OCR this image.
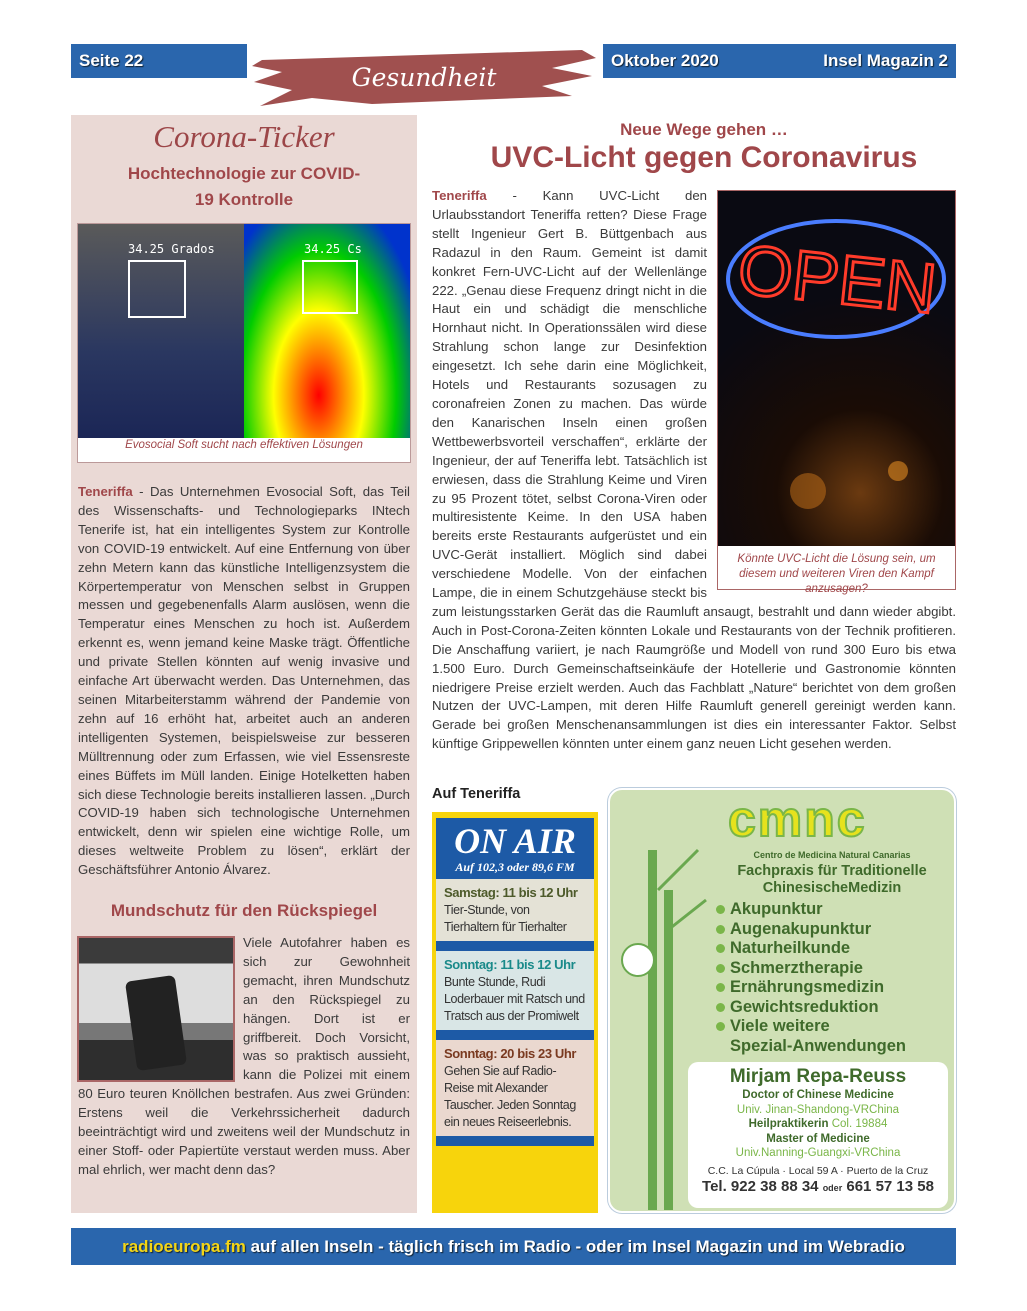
Seite 22
Gesundheit
Oktober 2020	Insel Magazin 2
Corona-Ticker
Hochtechnologie zur COVID-19 Kontrolle
34.25 Grados	34.25 Cs
Evosocial Soft sucht nach effektiven Lösungen

Teneriffa - Das Unternehmen Evosocial Soft, das Teil des Wissenschafts- und Technologieparks INtech Tenerife ist, hat ein intelligentes System zur Kontrolle von COVID-19 entwickelt. Auf eine Entfernung von über zehn Metern kann das künstliche Intelligenzsystem die Körpertemperatur von Menschen selbst in Gruppen messen und gegebenenfalls Alarm auslösen, wenn die Temperatur eines Menschen zu hoch ist. Außerdem erkennt es, wenn jemand keine Maske trägt. Öffentliche und private Stellen könnten auf wenig invasive und einfache Art überwacht werden. Das Unternehmen, das seinen Mitarbeiterstamm während der Pandemie von zehn auf 16 erhöht hat, arbeitet auch an anderen intelligenten Systemen, beispielsweise zur besseren Mülltrennung oder zum Erfassen, wie viel Essensreste eines Büffets im Müll landen. Einige Hotelketten haben sich diese Technologie bereits installieren lassen. „Durch COVID-19 haben sich technologische Unternehmen entwickelt, denn wir spielen eine wichtige Rolle, um dieses weltweite Problem zu lösen“, erklärt der Geschäftsführer Antonio Álvarez.

Mundschutz für den Rückspiegel

Viele Autofahrer haben es sich zur Gewohnheit gemacht, ihren Mundschutz an den Rückspiegel zu hängen. Dort ist er griffbereit. Doch Vorsicht, was so praktisch aussieht, kann die Polizei mit einem 80 Euro teuren Knöllchen bestrafen. Aus zwei Gründen: Erstens weil die Verkehrssicherheit dadurch beeinträchtigt wird und zweitens weil der Mundschutz in einer Stoff- oder Papiertüte verstaut werden muss. Aber mal ehrlich, wer macht denn das?

Neue Wege gehen …
UVC-Licht gegen Coronavirus
OPEN
Könnte UVC-Licht die Lösung sein, um diesem und weiteren Viren den Kampf anzusagen?

Teneriffa - Kann UVC-Licht den Urlaubsstandort Teneriffa retten? Diese Frage stellt Ingenieur Gert B. Büttgenbach aus Radazul in den Raum. Gemeint ist damit konkret Fern-UVC-Licht auf der Wellenlänge 222. „Genau diese Frequenz dringt nicht in die Haut ein und schädigt die menschliche Hornhaut nicht. In Operationssälen wird diese Strahlung schon lange zur Desinfektion eingesetzt. Ich sehe darin eine Möglichkeit, Hotels und Restaurants sozusagen zu coronafreien Zonen zu machen. Das würde den Kanarischen Inseln einen großen Wettbewerbsvorteil verschaffen“, erklärte der Ingenieur, der auf Teneriffa lebt. Tatsächlich ist erwiesen, dass die Strahlung Keime und Viren zu 95 Prozent tötet, selbst Corona-Viren oder multiresistente Keime. In den USA haben bereits erste Restaurants aufgerüstet und ein UVC-Gerät installiert. Möglich sind dabei verschiedene Modelle. Von der einfachen Lampe, die in einem Schutzgehäuse steckt bis zum leistungsstarken Gerät das die Raumluft ansaugt, bestrahlt und dann wieder abgibt. Auch in Post-Corona-Zeiten könnten Lokale und Restaurants von der Technik profitieren. Die Anschaffung variiert, je nach Raumgröße und Modell von rund 300 Euro bis etwa 1.500 Euro. Durch Gemeinschaftseinkäufe der Hotellerie und Gastronomie könnten niedrigere Preise erzielt werden. Auch das Fachblatt „Nature“ berichtet von dem großen Nutzen der UVC-Lampen, mit deren Hilfe Raumluft generell gereinigt werden kann. Gerade bei großen Menschenansammlungen ist dies ein interessanter Faktor. Selbst künftige Grippewellen könnten unter einem ganz neuen Licht gesehen werden.

Auf Teneriffa
ON AIR
Auf 102,3 oder 89,6 FM
Samstag: 11 bis 12 Uhr
Tier-Stunde, von Tierhaltern für Tierhalter
Sonntag: 11 bis 12 Uhr
Bunte Stunde, Rudi Loderbauer mit Ratsch und Tratsch aus der Promiwelt
Sonntag: 20 bis 23 Uhr
Gehen Sie auf Radio-Reise mit Alexander Tauscher. Jeden Sonntag ein neues Reiseerlebnis.
cmnc
Centro de Medicina Natural Canarias
Fachpraxis für Traditionelle
ChinesischeMedizin
Akupunktur
Augenakupunktur
Naturheilkunde
Schmerztherapie
Ernährungsmedizin
Gewichtsreduktion
Viele weitere
Spezial-Anwendungen
Mirjam Repa-Reuss
Doctor of Chinese Medicine
Univ. Jinan-Shandong-VRChina
Heilpraktikerin Col. 19884
Master of Medicine
Univ.Nanning-Guangxi-VRChina
C.C. La Cúpula · Local 59 A · Puerto de la Cruz
Tel. 922 38 88 34 oder 661 57 13 58
radioeuropa.fm auf allen Inseln - täglich frisch im Radio - oder im Insel Magazin und im Webradio
